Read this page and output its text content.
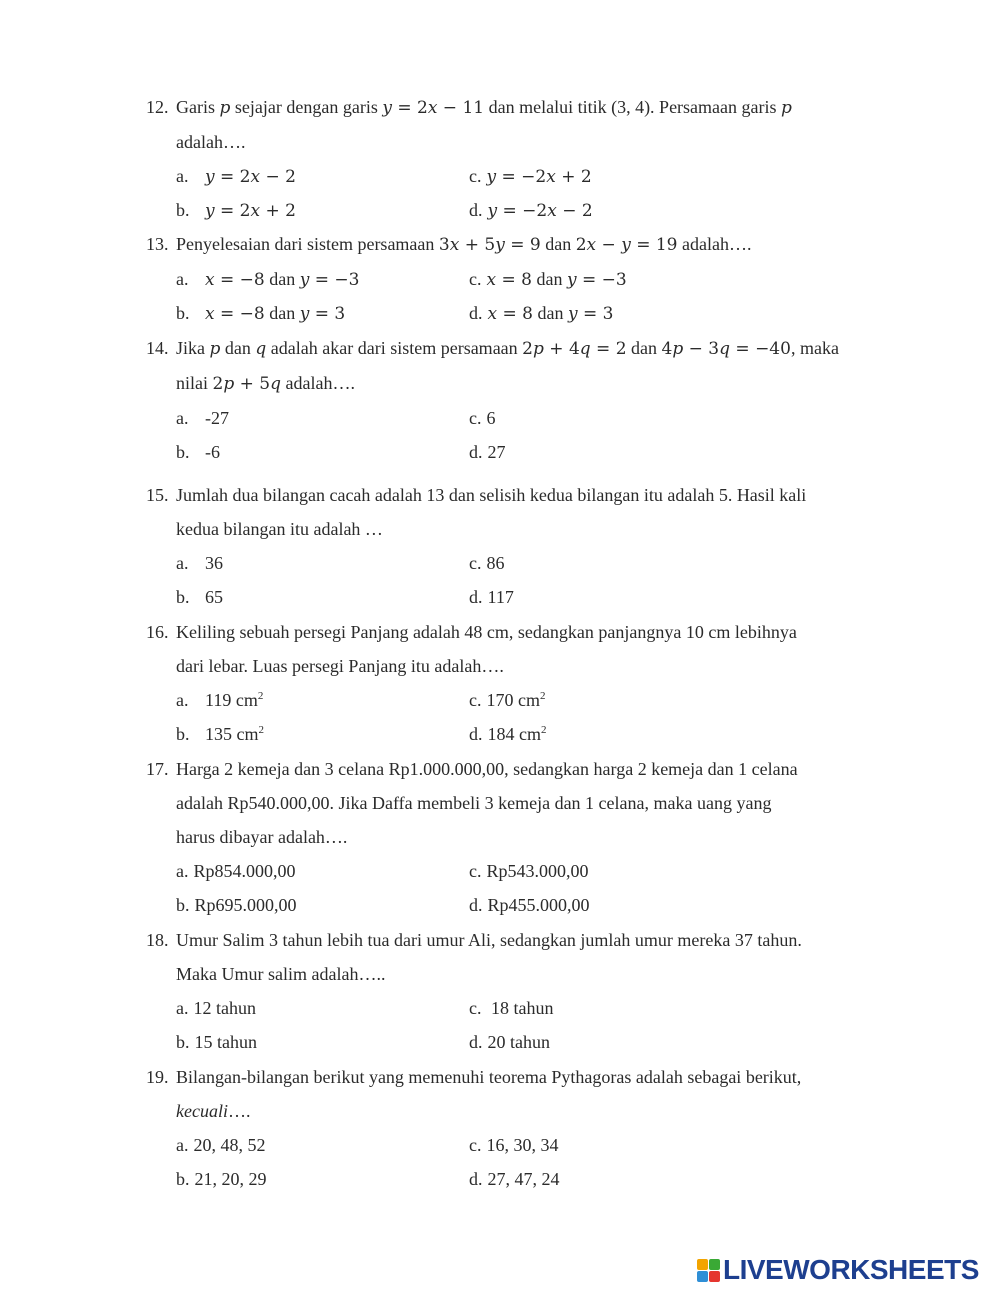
12. Garis p sejajar dengan garis y = 2x − 11 dan melalui titik (3, 4). Persamaan garis p
adalah….
a. y = 2x − 2
b. y = 2x + 2
c. y = −2x + 2
d. y = −2x − 2
13. Penyelesaian dari sistem persamaan 3x + 5y = 9 dan 2x − y = 19 adalah….
a. x = −8 dan y = −3
b. x = −8 dan y = 3
c. x = 8 dan y = −3
d. x = 8 dan y = 3
14. Jika p dan q adalah akar dari sistem persamaan 2p + 4q = 2 dan 4p − 3q = −40, maka
nilai 2p + 5q adalah….
a. -27
b. -6
c. 6
d. 27
15. Jumlah dua bilangan cacah adalah 13 dan selisih kedua bilangan itu adalah 5. Hasil kali
kedua bilangan itu adalah …
a. 36
b. 65
c. 86
d. 117
16. Keliling sebuah persegi Panjang adalah 48 cm, sedangkan panjangnya 10 cm lebihnya
dari lebar. Luas persegi Panjang itu adalah….
a. 119 $cm^2$
b. 135 $cm^2$
c. 170 $cm^2$
d. 184 $cm^2$
17. Harga 2 kemeja dan 3 celana Rp1.000.000,00, sedangkan harga 2 kemeja dan 1 celana
adalah Rp540.000,00. Jika Daffa membeli 3 kemeja dan 1 celana, maka uang yang
harus dibayar adalah….
a. Rp854.000,00
b. Rp695.000,00
c. Rp543.000,00
d. Rp455.000,00
18. Umur Salim 3 tahun lebih tua dari umur Ali, sedangkan jumlah umur mereka 37 tahun.
Maka Umur salim adalah…..
a. 12 tahun
b. 15 tahun
c. 18 tahun
d. 20 tahun
19. Bilangan-bilangan berikut yang memenuhi teorema Pythagoras adalah sebagai berikut,
kecuali….
a. 20, 48, 52
b. 21, 20, 29
c. 16, 30, 34
d. 27, 47, 24
LIVEWORKSHEETS
